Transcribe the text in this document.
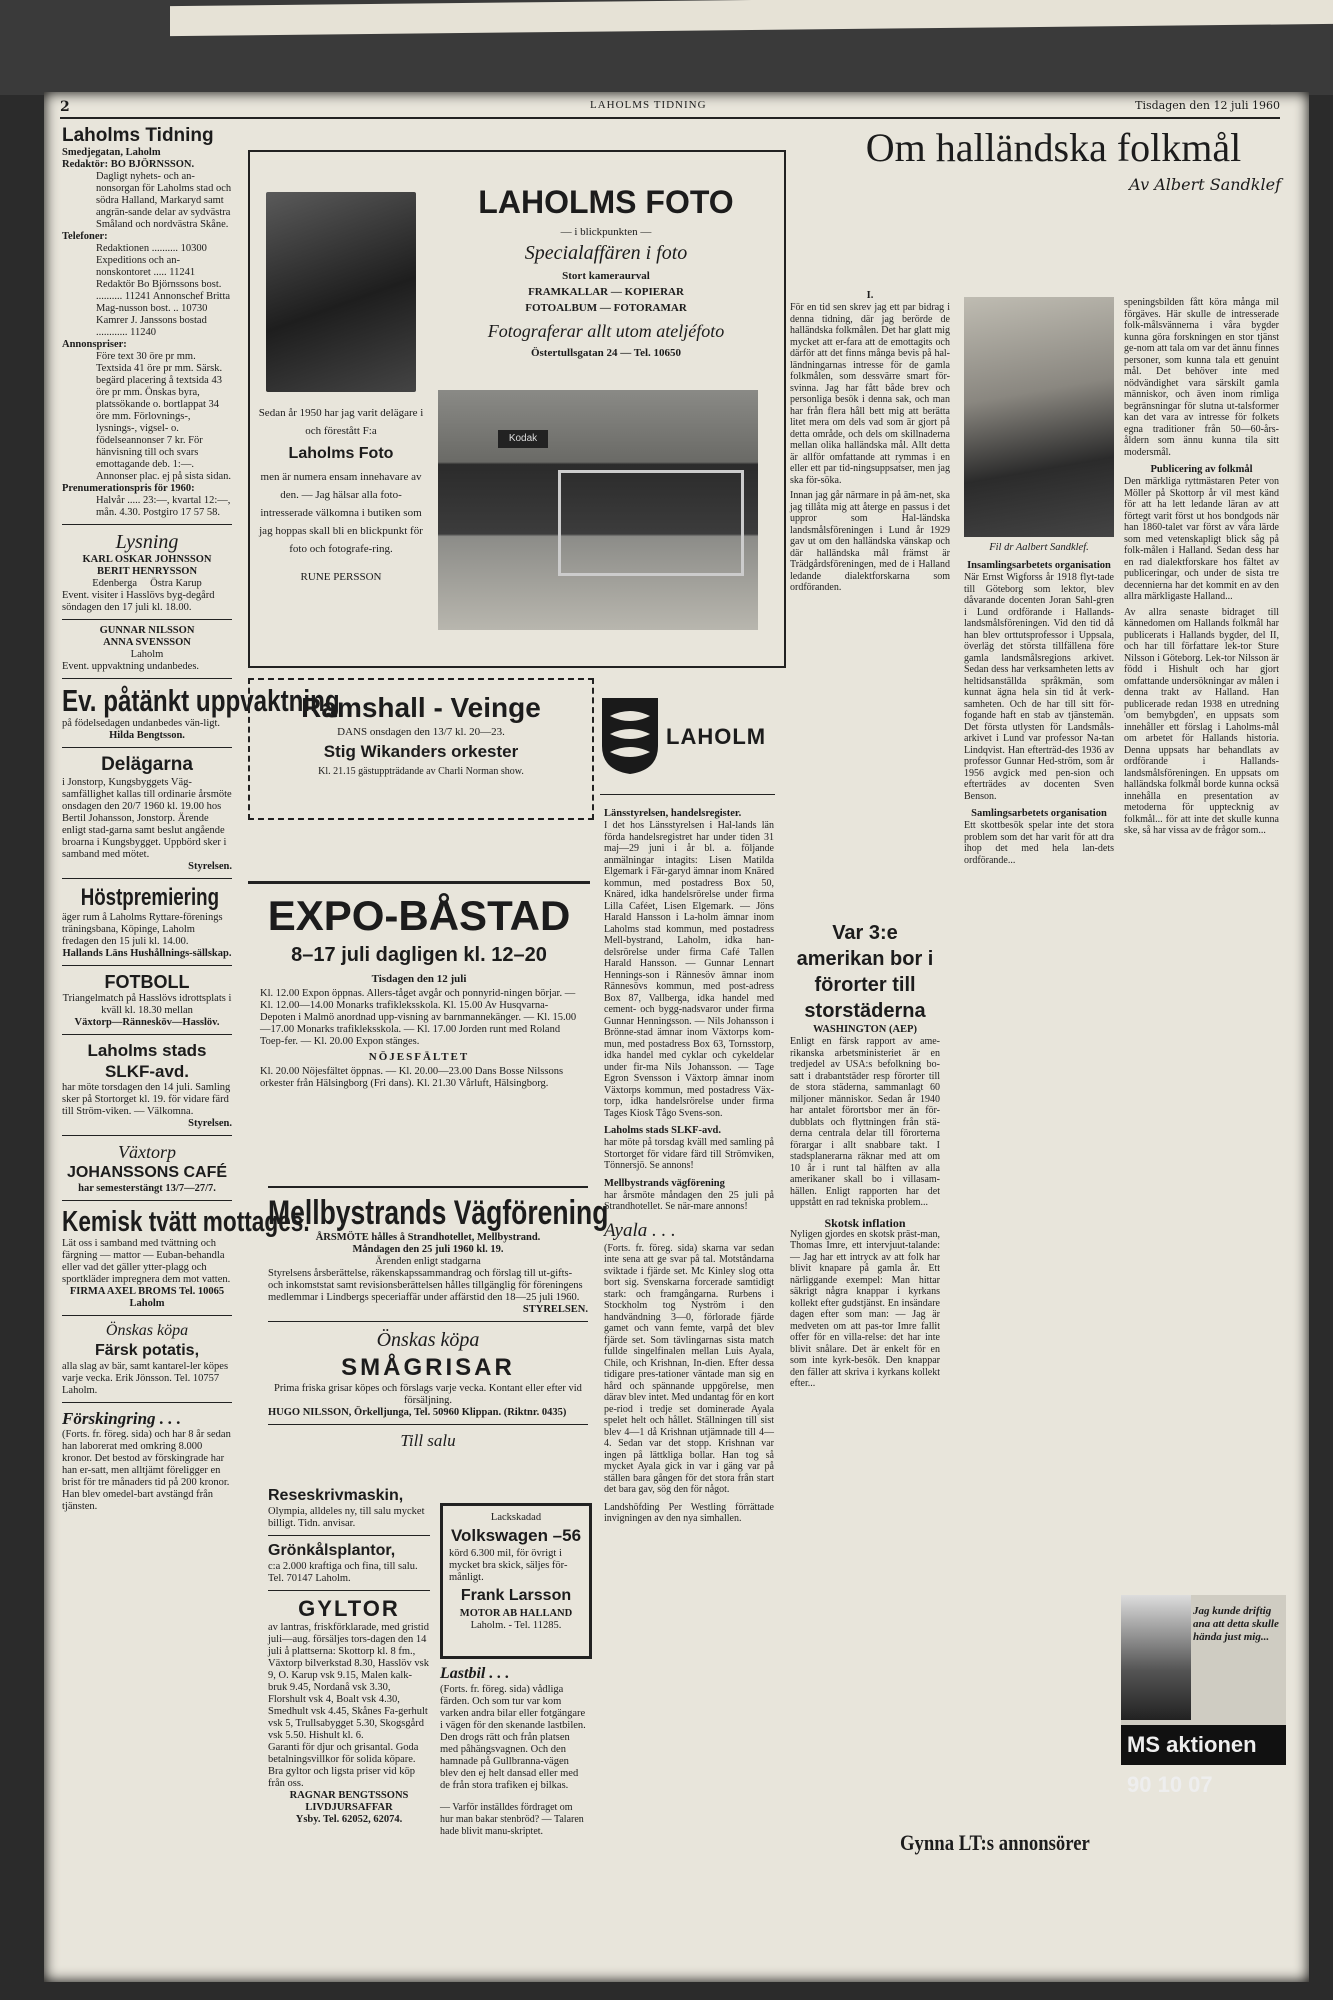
2	LAHOLMS TIDNING	Tisdagen den 12 juli 1960
Laholms Tidning
Smedjegatan, Laholm
Redaktör: BO BJÖRNSSON.
Dagligt nyhets- och an-nonsorgan för Laholms stad och södra Halland, Markaryd samt angrän-sande delar av sydvästra Småland och nordvästra Skåne.
Telefoner:
Redaktionen .......... 10300 Expeditions och an-nonskontoret ..... 11241 Redaktör Bo Björnssons bost. .......... 11241 Annonschef Britta Mag-nusson bost. .. 10730 Kamrer J. Janssons bostad ............ 11240
Annonspriser:
Före text 30 öre pr mm. Textsida 41 öre pr mm. Särsk. begärd placering å textsida 43 öre pr mm. Önskas byra, platssökande o. bortlappat 34 öre mm. Förlovnings-, lysnings-, vigsel- o. födelseannonser 7 kr. För hänvisning till och svars emottagande deb. 1:—. Annonser plac. ej på sista sidan.
Prenumerationspris för 1960:
Halvår ..... 23:—, kvartal 12:—, mån. 4.30. Postgiro 17 57 58.
Lysning
KARL OSKAR JOHNSSON
BERIT HENRYSSON
Edenberga     Östra Karup
Event. visiter i Hasslövs byg-degård söndagen den 17 juli kl. 18.00.
GUNNAR NILSSON
ANNA SVENSSON
Laholm
Event. uppvaktning undanbedes.
Ev. påtänkt uppvaktning
på födelsedagen undanbedes vän-ligt.
Hilda Bengtsson.
Delägarna
i Jonstorp, Kungsbyggets Väg-samfällighet kallas till ordinarie årsmöte onsdagen den 20/7 1960 kl. 19.00 hos Bertil Johansson, Jonstorp. Ärende enligt stad-garna samt beslut angående broarna i Kungsbygget. Uppbörd sker i samband med mötet.
Styrelsen.
Höstpremiering
äger rum å Laholms Ryttare-förenings träningsbana, Köpinge, Laholm fredagen den 15 juli kl. 14.00.
Hallands Läns Hushållnings-sällskap.
FOTBOLL
Triangelmatch på Hasslövs idrottsplats i kväll kl. 18.30 mellan
Växtorp—Rännesköv—Hasslöv.
Laholms stads SLKF-avd.
har möte torsdagen den 14 juli. Samling sker på Stortorget kl. 19. för vidare färd till Ström-viken. — Välkomna.
Styrelsen.
Växtorp
JOHANSSONS CAFÉ
har semesterstängt 13/7—27/7.
Kemisk tvätt mottages.
Lät oss i samband med tvättning och färgning — mattor — Euban-behandla eller vad det gäller ytter-plagg och sportkläder impregnera dem mot vatten.
FIRMA AXEL BROMS Tel. 10065 Laholm
Önskas köpa
Färsk potatis,
alla slag av bär, samt kantarel-ler köpes varje vecka. Erik Jönsson. Tel. 10757 Laholm.
Förskingring . . .
(Forts. fr. föreg. sida) och har 8 år sedan han laborerat med omkring 8.000 kronor. Det bestod av förskingrade har han er-satt, men alltjämt föreligger en brist för tre månaders tid på 200 kronor. Han blev omedel-bart avstängd från tjänsten.
Sedan år 1950 har jag varit delägare i och förestått F:a
Laholms Foto
men är numera ensam innehavare av den. — Jag hälsar alla foto-intresserade välkomna i butiken som jag hoppas skall bli en blickpunkt för foto och fotografe-ring.
RUNE PERSSON
LAHOLMS FOTO
— i blickpunkten —
Specialaffären i foto
Stort kameraurval
FRAMKALLAR — KOPIERAR
FOTOALBUM — FOTORAMAR
Fotograferar allt utom ateljéfoto
Östertullsgatan 24 — Tel. 10650
Kodak
Ramshall - Veinge
DANS onsdagen den 13/7 kl. 20—23.
Stig Wikanders orkester
Kl. 21.15 gästuppträdande av Charli Norman show.
LAHOLM
EXPO-BÅSTAD
8–17 juli dagligen kl. 12–20
Tisdagen den 12 juli
Kl. 12.00 Expon öppnas. Allers-tåget avgår och ponnyrid-ningen börjar. — Kl. 12.00—14.00 Monarks trafikleksskola. Kl. 15.00 Av Husqvarna-Depoten i Malmö anordnad upp-visning av barnmannekänger. — Kl. 15.00—17.00 Monarks trafikleksskola. — Kl. 17.00 Jorden runt med Roland Toep-fer. — Kl. 20.00 Expon stänges.
NÖJESFÄLTET
Kl. 20.00 Nöjesfältet öppnas. — Kl. 20.00—23.00 Dans Bosse Nilssons orkester från Hälsingborg (Fri dans). Kl. 21.30 Vårluft, Hälsingborg.
Mellbystrands Vägförening
ÅRSMÖTE hålles å Strandhotellet, Mellbystrand.
Måndagen den 25 juli 1960 kl. 19.
Ärenden enligt stadgarna
Styrelsens årsberättelse, räkenskapssammandrag och förslag till ut-gifts- och inkomststat samt revisionsberättelsen hålles tillgänglig för föreningens medlemmar i Lindbergs speceriaffär under affärstid den 18—25 juli 1960.
STYRELSEN.
Önskas köpa
SMÅGRISAR
Prima friska grisar köpes och förslags varje vecka. Kontant eller efter vid försäljning.
HUGO NILSSON, Örkelljunga, Tel. 50960 Klippan. (Riktnr. 0435)
Till salu
Reseskrivmaskin,
Olympia, alldeles ny, till salu mycket billigt. Tidn. anvisar.
Grönkålsplantor,
c:a 2.000 kraftiga och fina, till salu. Tel. 70147 Laholm.
GYLTOR
av lantras, friskförklarade, med gristid juli—aug. försäljes tors-dagen den 14 juli å plattserna: Skottorp kl. 8 fm., Växtorp bilverkstad 8.30, Hasslöv vsk 9, O. Karup vsk 9.15, Malen kalk-bruk 9.45, Nordanå vsk 3.30, Florshult vsk 4, Boalt vsk 4.30, Smedhult vsk 4.45, Skånes Fa-gerhult vsk 5, Trullsabygget 5.30, Skogsgård vsk 5.50. Hishult kl. 6.
Garanti för djur och grisantal. Goda betalningsvillkor för solida köpare. Bra gyltor och ligsta priser vid köp från oss.
RAGNAR BENGTSSONS LIVDJURSAFFAR
Ysby. Tel. 62052, 62074.
Lackskadad
Volkswagen –56
körd 6.300 mil, för övrigt i mycket bra skick, säljes för-månligt.
Frank Larsson
MOTOR AB HALLAND
Laholm. - Tel. 11285.
Lastbil . . .
(Forts. fr. föreg. sida) vådliga färden. Och som tur var kom varken andra bilar eller fotgängare i vägen för den skenande lastbilen. Den drogs rätt och från platsen med påhängsvagnen. Och den hamnade på Gullbranna-vägen blev den ej helt dansad eller med de från stora trafiken ej bilkas.
— Varför inställdes fördraget om hur man bakar stenbröd? — Talaren hade blivit manu-skriptet.
Länsstyrelsen, handelsregister.
I det hos Länsstyrelsen i Hal-lands län förda handelsregistret har under tiden 31 maj—29 juni i år bl. a. följande anmälningar intagits: Lisen Matilda Elgemark i Fär-garyd ämnar inom Knäred kommun, med postadress Box 50, Knäred, idka handelsrörelse under firma Lilla Caféet, Lisen Elgemark. — Jöns Harald Hansson i La-holm ämnar inom Laholms stad kommun, med postadress Mell-bystrand, Laholm, idka han-delsrörelse under firma Café Tallen Harald Hansson. — Gunnar Lennart Hennings-son i Rännesöv ämnar inom Rännesövs kommun, med post-adress Box 87, Vallberga, idka handel med cement- och bygg-nadsvaror under firma Gunnar Henningsson. — Nils Johansson i Brönne-stad ämnar inom Växtorps kom-mun, med postadress Box 63, Tornsstorp, idka handel med cyklar och cykeldelar under fir-ma Nils Johansson. — Tage Egron Svensson i Växtorp ämnar inom Växtorps kommun, med postadress Väx-torp, idka handelsrörelse under firma Tages Kiosk Tågo Svens-son.
Laholms stads SLKF-avd.
har möte på torsdag kväll med samling på Stortorget för vidare färd till Strömviken, Tönnersjö. Se annons!
Mellbystrands vägförening
har årsmöte måndagen den 25 juli på Strandhotellet. Se när-mare annons!
Ayala . . .
(Forts. fr. föreg. sida) skarna var sedan inte sena att ge svar på tal. Motståndarna sviktade i fjärde set. Mc Kinley slog otta bort sig. Svenskarna forcerade samtidigt stark: och framgångarna. Rurbens i Stockholm tog Nyström i den handvändning 3—0, förlorade fjärde gamet och vann femte, varpå det blev fjärde set. Som tävlingarnas sista match fullde singelfinalen mellan Luis Ayala, Chile, och Krishnan, In-dien. Efter dessa tidigare pres-tationer väntade man sig en hård och spännande uppgörelse, men därav blev intet. Med undantag för en kort pe-riod i tredje set dominerade Ayala spelet helt och hållet. Ställningen till sist blev 4—1 då Krishnan utjämnade till 4—4. Sedan var det stopp. Krishnan var ingen på lättkliga bollar. Han tog så mycket Ayala gick in var i gäng var på ställen bara gången för det stora från start det bara gav, sög den för något.
Landshöfding Per Westling förrättade invigningen av den nya simhallen.
Om halländska folkmål
Av Albert Sandklef
I.
För en tid sen skrev jag ett par bidrag i denna tidning, där jag berörde de halländska folkmålen. Det har glatt mig mycket att er-fara att de emottagits och därför att det finns många bevis på hal-ländningarnas intresse för de gamla folkmålen, som dessvärre smart för-svinna. Jag har fått både brev och personliga besök i denna sak, och man har från flera håll bett mig att berätta litet mera om dels vad som är gjort på detta område, och dels om skillnaderna mellan olika halländska mål. Allt detta är allför omfattande att rymmas i en eller ett par tid-ningsuppsatser, men jag ska för-söka.
Innan jag går närmare in på äm-net, ska jag tillåta mig att återge en passus i det uppror som Hal-ländska landsmålsföreningen i Lund år 1929 gav ut om den halländska vänskap och där halländska mål främst är Trädgårdsföreningen, med de i Halland ledande dialektforskarna som ordföranden.
Var 3:e amerikan bor i förorter till storstäderna
WASHINGTON (AEP)
Enligt en färsk rapport av ame-rikanska arbetsministeriet är en tredjedel av USA:s befolkning bo-satt i drabantstäder resp förorter till de stora städerna, sammanlagt 60 miljoner människor. Sedan år 1940 har antalet förortsbor mer än för-dubblats och flyttningen från stä-derna centrala delar till förorterna förargar i allt snabbare takt. I stadsplanerarna räknar med att om 10 år i runt tal hälften av alla amerikaner skall bo i villasam-hällen. Enligt rapporten har det uppstått en rad tekniska problem...
Skotsk inflation
Nyligen gjordes en skotsk präst-man, Thomas Imre, ett intervjuut-talande: — Jag har ett intryck av att folk har blivit knapare på gamla år. Ett närliggande exempel: Man hittar säkrigt några knappar i kyrkans kollekt efter gudstjänst. En insändare dagen efter som man: — Jag är medveten om att pas-tor Imre fallit offer för en villa-relse: det har inte blivit snålare. Det är enkelt för en som inte kyrk-besök. Den knappar den fäller att skriva i kyrkans kollekt efter...
Fil dr Aalbert Sandklef.
Insamlingsarbetets organisation
När Ernst Wigforss år 1918 flyt-tade till Göteborg som lektor, blev dåvarande docenten Joran Sahl-gren i Lund ordförande i Hallands-landsmålsföreningen. Vid den tid då han blev orttutsprofessor i Uppsala, överläg det största tillfällena före gamla landsmålsregions arkivet. Sedan dess har verksamheten letts av heltidsanställda språkmän, som kunnat ägna hela sin tid åt verk-samheten. Och de har till sitt för-fogande haft en stab av tjänstemän. Det första utlysten för Landsmåls-arkivet i Lund var professor Na-tan Lindqvist. Han efterträd-des 1936 av professor Gunnar Hed-ström, som år 1956 avgick med pen-sion och efterträdes av docenten Sven Benson.
Samlingsarbetets organisation
Ett skottbesök spelar inte det stora problem som det har varit för att dra ihop det med hela lan-dets ordförande...
speningsbilden fått köra många mil förgäves. Här skulle de intresserade folk-målsvännerna i våra bygder kunna göra forskningen en stor tjänst ge-nom att tala om var det ännu finnes personer, som kunna tala ett genuint mål. Det behöver inte med nödvändighet vara särskilt gamla människor, och även inom rimliga begränsningar för slutna ut-talsformer kan det vara av intresse för folkets egna traditioner från 50—60-års-åldern som ännu kunna tila sitt modersmål.
Publicering av folkmål
Den märkliga ryttmästaren Peter von Möller på Skottorp år vil mest känd för att ha lett ledande läran av att förtegt varit först ut hos bondgods när han 1860-talet var först av våra lärde som med vetenskapligt blick såg på folk-målen i Halland. Sedan dess har en rad dialektforskare hos fältet av publiceringar, och under de sista tre decennierna har det kommit en av den allra märkligaste Halland...
Av allra senaste bidraget till kännedomen om Hallands folkmål har publicerats i Hallands bygder, del II, och har till författare lek-tor Sture Nilsson i Göteborg. Lek-tor Nilsson är född i Hishult och har gjort omfattande undersökningar av målen i denna trakt av Halland. Han publicerade redan 1938 en utredning 'om bemybgden', en uppsats som innehåller ett förslag i Laholms-mål om arbetet för Hallands historia. Denna uppsats har behandlats av ordförande i Hallands-landsmålsföreningen. En uppsats om halländska folkmål borde kunna ocksä innehålla en presentation av metoderna för upptecknig av folkmål... för att inte det skulle kunna ske, så har vissa av de frågor som...
Jag kunde driftig ana att detta skulle hända just mig...
MS aktionen 90 10 07
Gynna LT:s annonsörer
